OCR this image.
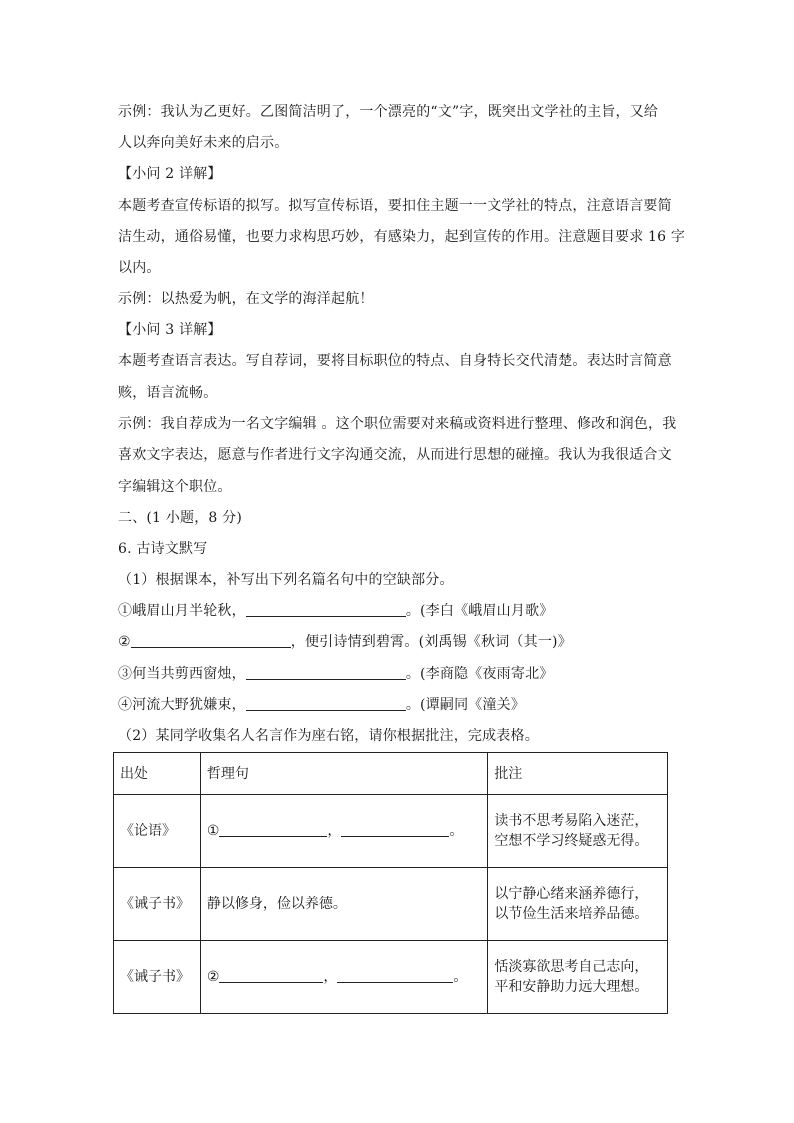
示例：我认为乙更好。乙图简洁明了，一个漂亮的“文”字，既突出文学社的主旨，又给
人以奔向美好未来的启示。
【小问 2 详解】
本题考查宣传标语的拟写。拟写宣传标语，要扣住主题一一文学社的特点，注意语言要简
洁生动，通俗易懂，也要力求构思巧妙，有感染力，起到宣传的作用。注意题目要求 16 字
以内。
示例：以热爱为帆，在文学的海洋起航！
【小问 3 详解】
本题考查语言表达。写自荐词，要将目标职位的特点、自身特长交代清楚。表达时言简意
赅，语言流畅。
示例：我自荐成为一名文字编辑 。这个职位需要对来稿或资料进行整理、修改和润色，我
喜欢文字表达，愿意与作者进行文字沟通交流，从而进行思想的碰撞。我认为我很适合文
字编辑这个职位。
二、(1 小题，8 分)
6. 古诗文默写
（1）根据课本，补写出下列名篇名句中的空缺部分。
①峨眉山月半轮秋，	。(李白《峨眉山月歌》
②	，便引诗情到碧霄。(刘禹锡《秋词（其一)》
③何当共剪西窗烛，	。(李商隐《夜雨寄北》
④河流大野犹嫌束，	。(谭嗣同《潼关》
（2）某同学收集名人名言作为座右铭，请你根据批注，完成表格。
出处	哲理句	批注
《论语》	① ， 。	读书不思考易陷入迷茫，
空想不学习终疑惑无得。

《诫子书》	静以修身，俭以养德。	以宁静心绪来涵养德行，
以节俭生活来培养品德。

《诫子书》	② ， 。	恬淡寡欲思考自己志向，
平和安静助力远大理想。
